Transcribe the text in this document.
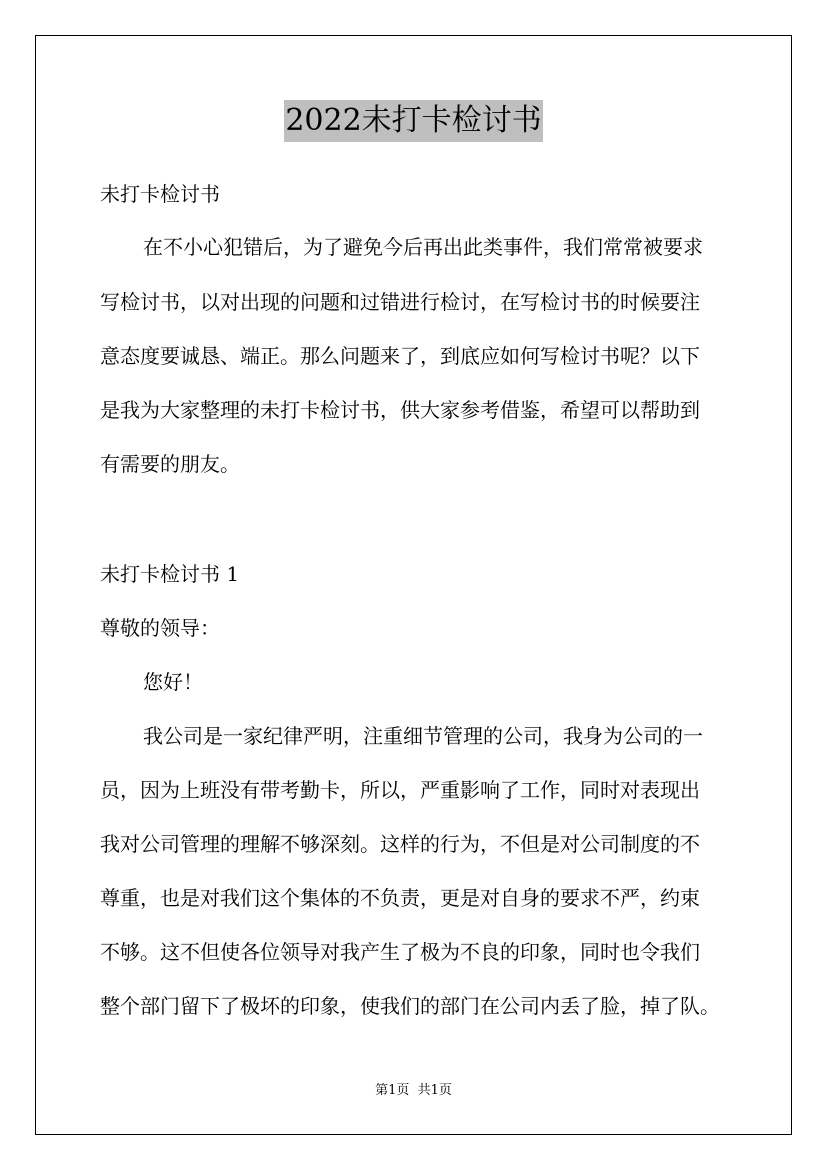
2022未打卡检讨书
未打卡检讨书
在不小心犯错后，为了避免今后再出此类事件，我们常常被要求
写检讨书，以对出现的问题和过错进行检讨，在写检讨书的时候要注
意态度要诚恳、端正。那么问题来了，到底应如何写检讨书呢？以下
是我为大家整理的未打卡检讨书，供大家参考借鉴，希望可以帮助到
有需要的朋友。
未打卡检讨书 1
尊敬的领导：
您好！
我公司是一家纪律严明，注重细节管理的公司，我身为公司的一
员，因为上班没有带考勤卡，所以，严重影响了工作，同时对表现出
我对公司管理的理解不够深刻。这样的行为，不但是对公司制度的不
尊重，也是对我们这个集体的不负责，更是对自身的要求不严，约束
不够。这不但使各位领导对我产生了极为不良的印象，同时也令我们
整个部门留下了极坏的印象，使我们的部门在公司内丢了脸，掉了队。
第1页  共1页
